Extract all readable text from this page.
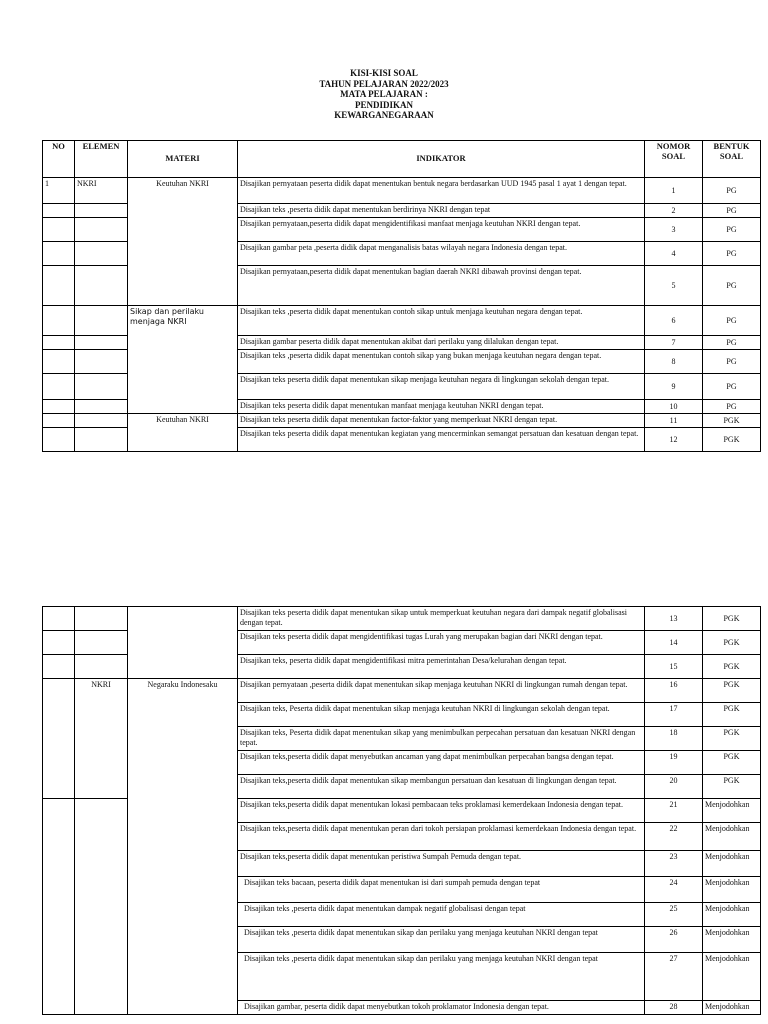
KISI-KISI SOAL
TAHUN PELAJARAN 2022/2023
MATA PELAJARAN :
PENDIDIKAN
KEWARGANEGARAAN
NO	ELEMEN	MATERI	INDIKATOR	NOMOR SOAL	BENTUK SOAL
1	NKRI	Keutuhan NKRI	Disajikan pernyataan peserta didik dapat menentukan bentuk negara berdasarkan UUD 1945 pasal 1 ayat 1 dengan tepat.	1	PG
			Disajikan teks ,peserta didik dapat menentukan berdirinya NKRI dengan tepat	2	PG
			Disajikan pernyataan,peserta didik dapat mengidentifikasi manfaat menjaga keutuhan NKRI dengan tepat.	3	PG
			Disajikan gambar peta ,peserta didik dapat menganalisis batas wilayah negara Indonesia dengan tepat.	4	PG
			Disajikan pernyataan,peserta didik dapat menentukan bagian daerah NKRI dibawah provinsi dengan tepat.	5	PG
		Sikap dan perilaku menjaga NKRI	Disajikan teks ,peserta didik dapat menentukan contoh sikap untuk menjaga keutuhan negara dengan tepat.	6	PG
			Disajikan gambar peserta didik dapat menentukan akibat dari perilaku yang dilalukan dengan tepat.	7	PG
			Disajikan teks ,peserta didik dapat menentukan contoh sikap yang bukan menjaga keutuhan negara dengan tepat.	8	PG
			Disajikan teks peserta didik dapat menentukan sikap menjaga keutuhan negara di lingkungan sekolah dengan tepat.	9	PG
			Disajikan teks peserta didik dapat menentukan manfaat menjaga keutuhan NKRI dengan tepat.	10	PG
		Keutuhan NKRI	Disajikan teks peserta didik dapat menentukan factor-faktor yang memperkuat NKRI dengan tepat.	11	PGK
			Disajikan teks peserta didik dapat menentukan kegiatan yang mencerminkan semangat persatuan dan kesatuan dengan tepat.	12	PGK
			Disajikan teks peserta didik dapat menentukan sikap untuk memperkuat keutuhan negara dari dampak negatif globalisasi dengan tepat.	13	PGK
			Disajikan teks peserta didik dapat mengidentifikasi tugas Lurah yang merupakan bagian dari NKRI dengan tepat.	14	PGK
			Disajikan teks, peserta didik dapat mengidentifikasi mitra pemerintahan Desa/kelurahan dengan tepat.	15	PGK
	NKRI	Negaraku Indonesaku	Disajikan pernyataan ,peserta didik dapat menentukan sikap menjaga keutuhan NKRI di lingkungan rumah dengan tepat.	16	PGK
			Disajikan teks, Peserta didik dapat menentukan sikap menjaga keutuhan NKRI di lingkungan sekolah dengan tepat.	17	PGK
			Disajikan teks, Peserta didik dapat menentukan sikap yang menimbulkan perpecahan persatuan dan kesatuan NKRI dengan tepat.	18	PGK
			Disajikan teks,peserta didik dapat menyebutkan ancaman yang dapat menimbulkan perpecahan bangsa dengan tepat.	19	PGK
			Disajikan teks,peserta didik dapat menentukan sikap membangun persatuan dan kesatuan di lingkungan dengan tepat.	20	PGK
			Disajikan teks,peserta didik dapat menentukan lokasi pembacaan teks proklamasi kemerdekaan Indonesia dengan tepat.	21	Menjodohkan
			Disajikan teks,peserta didik dapat menentukan peran dari tokoh persiapan proklamasi kemerdekaan Indonesia dengan tepat.	22	Menjodohkan
			Disajikan teks,peserta didik dapat menentukan peristiwa Sumpah Pemuda dengan tepat.	23	Menjodohkan
			Disajikan teks bacaan, peserta didik dapat menentukan isi dari sumpah pemuda dengan tepat	24	Menjodohkan
			Disajikan teks ,peserta didik dapat menentukan dampak negatif globalisasi dengan tepat	25	Menjodohkan
			Disajikan teks ,peserta didik dapat menentukan sikap dan perilaku yang menjaga keutuhan NKRI dengan tepat	26	Menjodohkan
			Disajikan teks ,peserta didik dapat menentukan sikap dan perilaku yang menjaga keutuhan NKRI dengan tepat	27	Menjodohkan
			Disajikan gambar, peserta didik dapat menyebutkan tokoh proklamator Indonesia dengan tepat.	28	Menjodohkan
